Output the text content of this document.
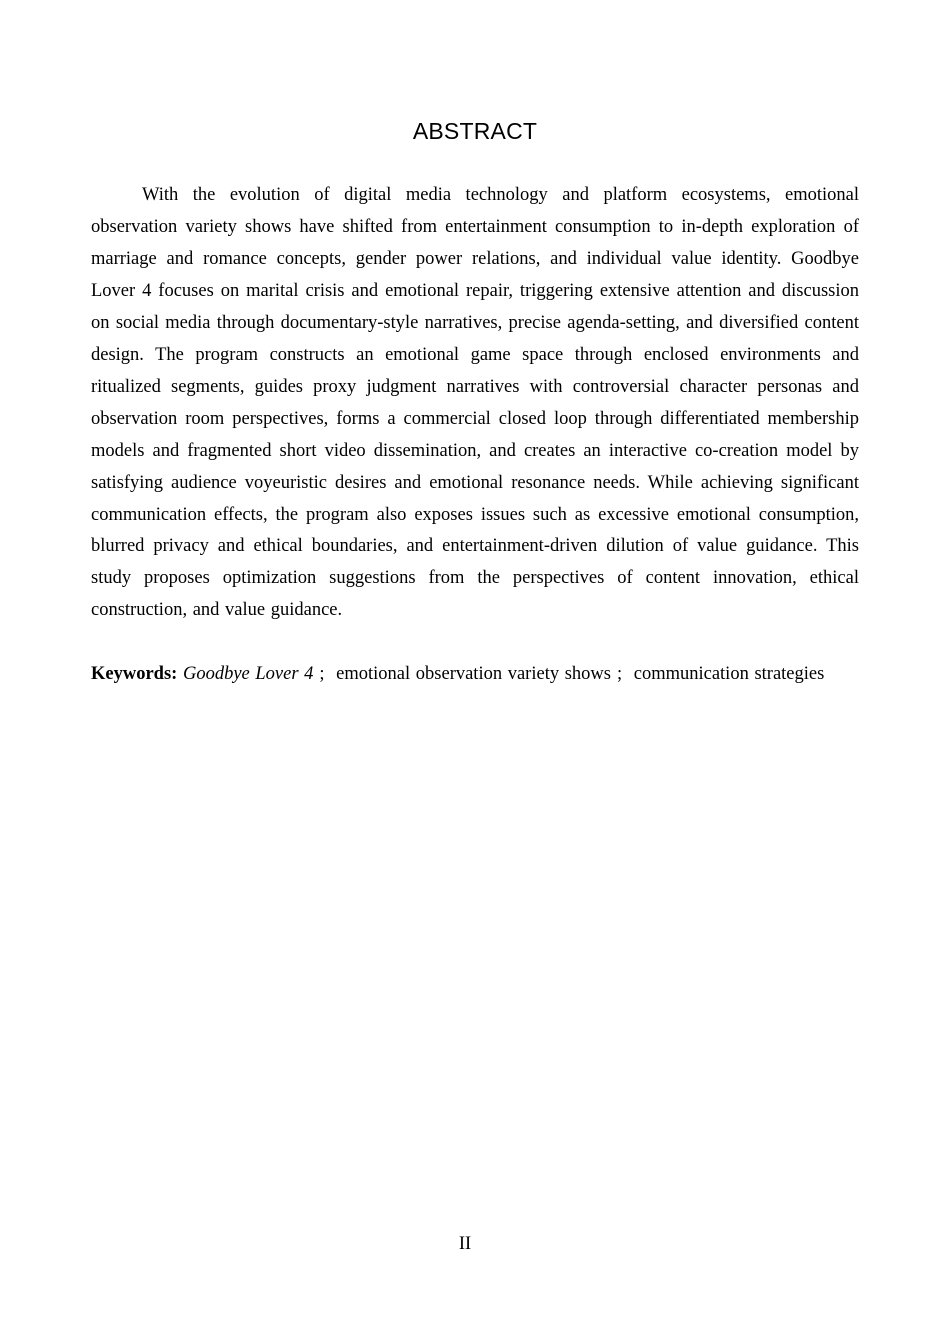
ABSTRACT

With the evolution of digital media technology and platform ecosystems, emotional observation variety shows have shifted from entertainment consumption to in-depth exploration of marriage and romance concepts, gender power relations, and individual value identity. Goodbye Lover 4 focuses on marital crisis and emotional repair, triggering extensive attention and discussion on social media through documentary-style narratives, precise agenda-setting, and diversified content design. The program constructs an emotional game space through enclosed environments and ritualized segments, guides proxy judgment narratives with controversial character personas and observation room perspectives, forms a commercial closed loop through differentiated membership models and fragmented short video dissemination, and creates an interactive co-creation model by satisfying audience voyeuristic desires and emotional resonance needs. While achieving significant communication effects, the program also exposes issues such as excessive emotional consumption, blurred privacy and ethical boundaries, and entertainment-driven dilution of value guidance. This study proposes optimization suggestions from the perspectives of content innovation, ethical construction, and value guidance.

Keywords: Goodbye Lover 4 ; emotional observation variety shows ; communication strategies

II
